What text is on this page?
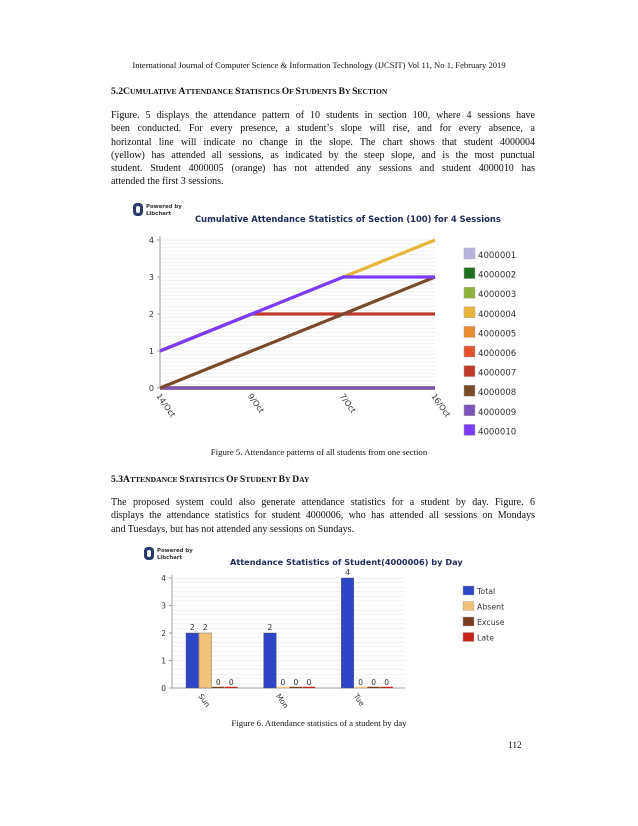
International Journal of Computer Science & Information Technology (IJCSIT) Vol 11, No 1, February 2019
5.2CUMULATIVE ATTENDANCE STATISTICS OF STUDENTS BY SECTION
Figure. 5 displays the attendance pattern of 10 students in section 100, where 4 sessions have
been conducted. For every presence, a student’s slope will rise, and for every absence, a
horizontal line will indicate no change in the slope. The chart shows that student 4000004
(yellow) has attended all sessions, as indicated by the steep slope, and is the most punctual
student. Student 4000005 (orange) has not attended any sessions and student 4000010 has
attended the first 3 sessions.
Powered by
Libchart	Cumulative Attendance Statistics of Section (100) for 4 Sessions
0
1
2
3
4
14/Oct	9/Oct	7/Oct	16/Oct
4000001
4000002
4000003
4000004
4000005
4000006
4000007
4000008
4000009
4000010
Figure 5. Attendance patterns of all students from one section
5.3ATTENDANCE STATISTICS OF STUDENT BY DAY
The proposed system could also generate attendance statistics for a student by day. Figure. 6
displays the attendance statistics for student 4000006, who has attended all sessions on Mondays
and Tuesdays, but has not attended any sessions on Sundays.
Powered by
Libchart	Attendance Statistics of Student(4000006) by Day
0
1
2
3
4
Sun	Mon	Tue
2 2
0 0
2
0 0 0
4
0 0 0
Total
Absent
Excuse
Late
Figure 6. Attendance statistics of a student by day
112
